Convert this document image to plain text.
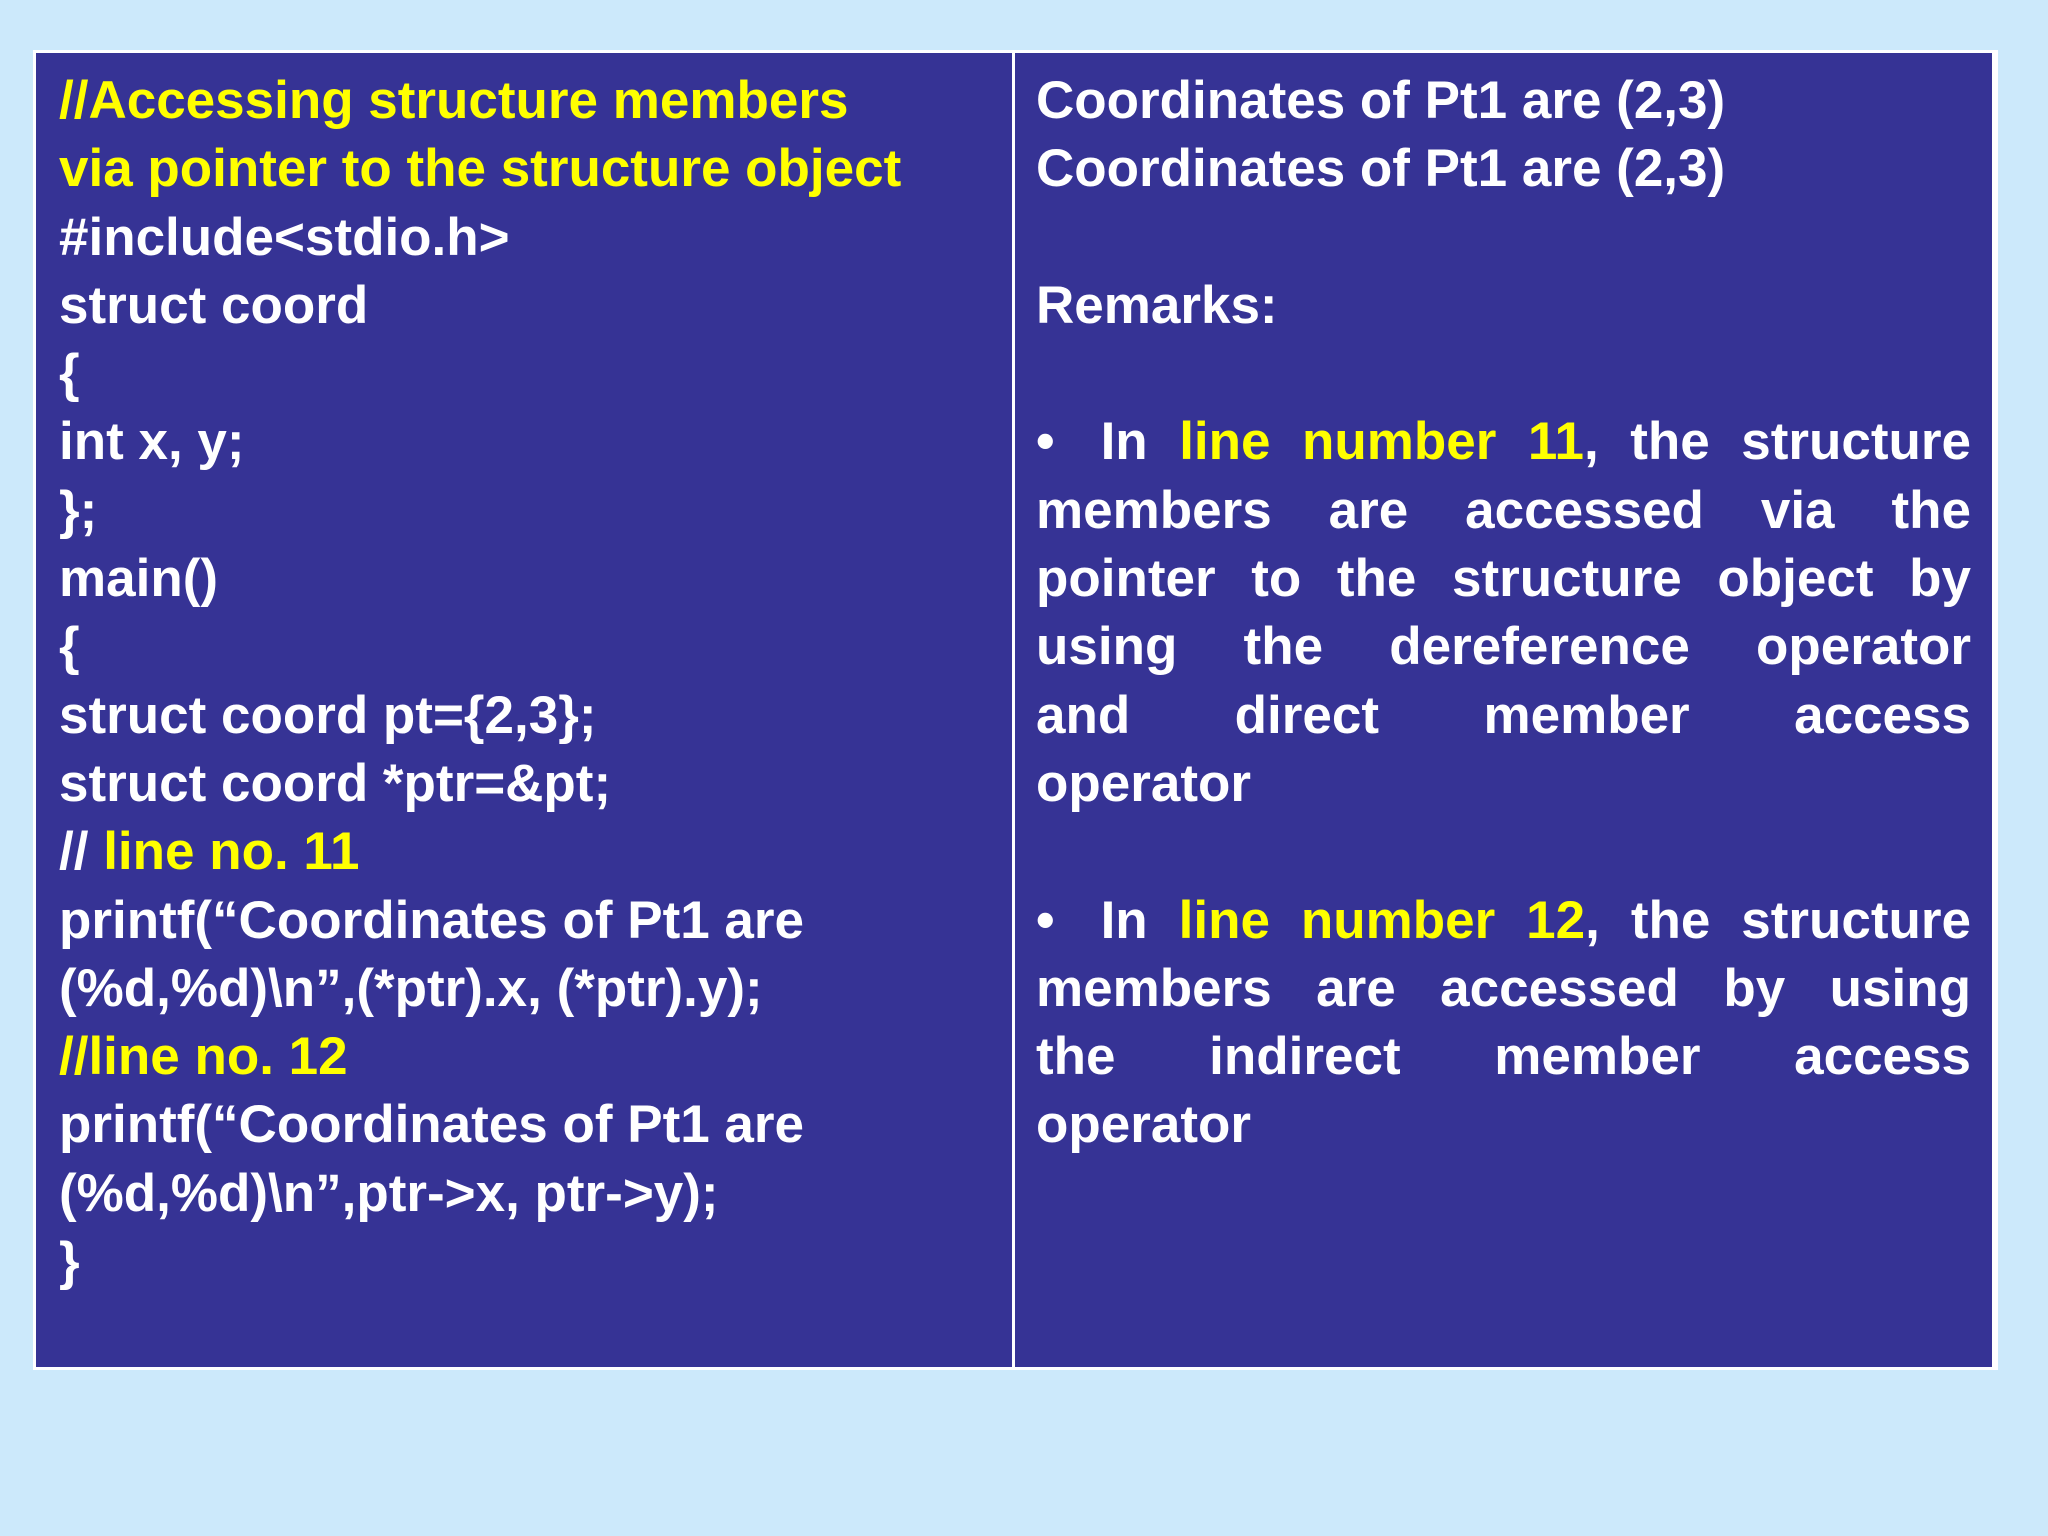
//Accessing structure members
via pointer to the structure object
#include<stdio.h>
struct coord
{
int x, y;
};
main()
{
struct coord pt={2,3};
struct coord *ptr=&pt;
// line no. 11
printf(“Coordinates of Pt1 are
(%d,%d)\n”,(*ptr).x, (*ptr).y);
//line no. 12
printf(“Coordinates of Pt1 are
(%d,%d)\n”,ptr->x, ptr->y);
}
Coordinates of Pt1 are (2,3)
Coordinates of Pt1 are (2,3)
Remarks:
• In line number 11, the structure
members are accessed via the
pointer to the structure object by
using the dereference operator
and direct member access
operator
• In line number 12, the structure
members are accessed by using
the indirect member access
operator
